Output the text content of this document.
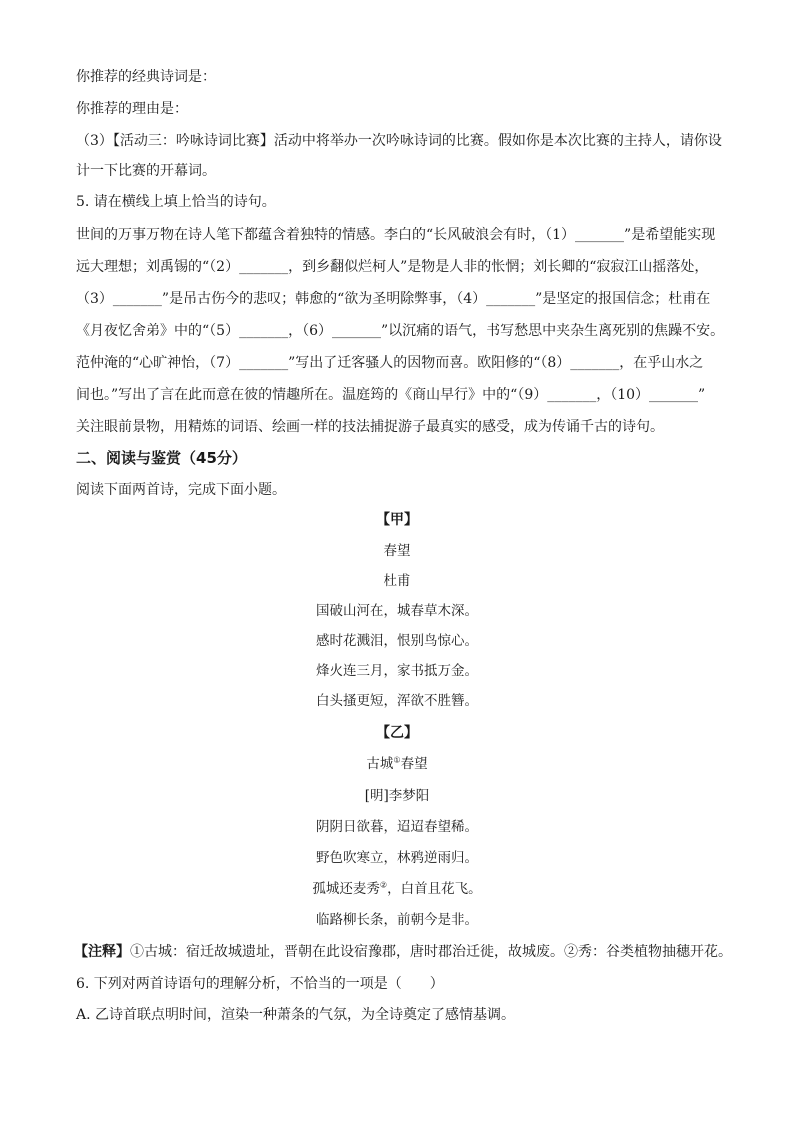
你推荐的经典诗词是：
你推荐的理由是：
（3）【活动三：吟咏诗词比赛】活动中将举办一次吟咏诗词的比赛。假如你是本次比赛的主持人，请你设
计一下比赛的开幕词。
5. 请在横线上填上恰当的诗句。
世间的万事万物在诗人笔下都蕴含着独特的情感。李白的“长风破浪会有时，（1）_______”是希望能实现
远大理想；刘禹锡的“（2）_______，到乡翻似烂柯人”是物是人非的怅惘；刘长卿的“寂寂江山摇落处，
（3）_______”是吊古伤今的悲叹；韩愈的“欲为圣明除弊事，（4）_______”是坚定的报国信念；杜甫在
《月夜忆舍弟》中的“（5）_______，（6）_______”以沉痛的语气，书写愁思中夹杂生离死别的焦躁不安。
范仲淹的“心旷神怡，（7）_______”写出了迁客骚人的因物而喜。欧阳修的“（8）_______，在乎山水之
间也。”写出了言在此而意在彼的情趣所在。温庭筠的《商山早行》中的“（9）_______，（10）_______”
关注眼前景物，用精炼的词语、绘画一样的技法捕捉游子最真实的感受，成为传诵千古的诗句。
二、阅读与鉴赏（45分）
阅读下面两首诗，完成下面小题。
【甲】
春望
杜甫
国破山河在，城春草木深。
感时花溅泪，恨别鸟惊心。
烽火连三月，家书抵万金。
白头搔更短，浑欲不胜簪。
【乙】
古城①春望
[明]李梦阳
阴阴日欲暮，迢迢春望稀。
野色吹寒立，林鸦逆雨归。
孤城还麦秀②，白首且花飞。
临路柳长条，前朝今是非。
【注释】①古城：宿迁故城遗址，晋朝在此设宿豫郡，唐时郡治迁徙，故城废。②秀：谷类植物抽穗开花。
6. 下列对两首诗语句的理解分析，不恰当的一项是（　　）
A. 乙诗首联点明时间，渲染一种萧条的气氛，为全诗奠定了感情基调。
